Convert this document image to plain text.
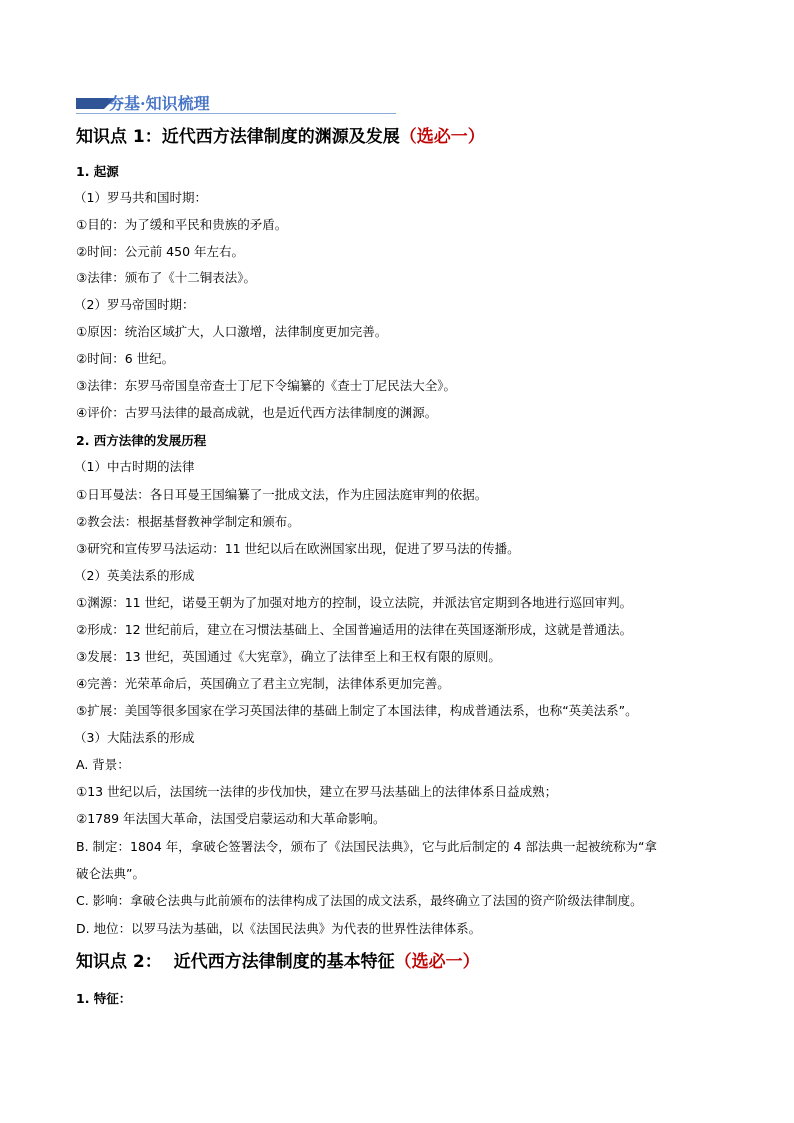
夯基·知识梳理
知识点 1：近代西方法律制度的渊源及发展（选必一）
1. 起源
（1）罗马共和国时期：
①目的：为了缓和平民和贵族的矛盾。
②时间：公元前 450 年左右。
③法律：颁布了《十二铜表法》。
（2）罗马帝国时期：
①原因：统治区域扩大，人口激增，法律制度更加完善。
②时间：6 世纪。
③法律：东罗马帝国皇帝查士丁尼下令编纂的《查士丁尼民法大全》。
④评价：古罗马法律的最高成就，也是近代西方法律制度的渊源。
2. 西方法律的发展历程
（1）中古时期的法律
①日耳曼法：各日耳曼王国编纂了一批成文法，作为庄园法庭审判的依据。
②教会法：根据基督教神学制定和颁布。
③研究和宣传罗马法运动：11 世纪以后在欧洲国家出现，促进了罗马法的传播。
（2）英美法系的形成
①渊源：11 世纪，诺曼王朝为了加强对地方的控制，设立法院，并派法官定期到各地进行巡回审判。
②形成：12 世纪前后，建立在习惯法基础上、全国普遍适用的法律在英国逐渐形成，这就是普通法。
③发展：13 世纪，英国通过《大宪章》，确立了法律至上和王权有限的原则。
④完善：光荣革命后，英国确立了君主立宪制，法律体系更加完善。
⑤扩展：美国等很多国家在学习英国法律的基础上制定了本国法律，构成普通法系，也称“英美法系”。
（3）大陆法系的形成
A. 背景：
①13 世纪以后，法国统一法律的步伐加快，建立在罗马法基础上的法律体系日益成熟；
②1789 年法国大革命，法国受启蒙运动和大革命影响。
B. 制定：1804 年，拿破仑签署法令，颁布了《法国民法典》，它与此后制定的 4 部法典一起被统称为“拿
破仑法典”。
C. 影响：拿破仑法典与此前颁布的法律构成了法国的成文法系，最终确立了法国的资产阶级法律制度。
D. 地位：以罗马法为基础，以《法国民法典》为代表的世界性法律体系。
知识点 2：  近代西方法律制度的基本特征（选必一）
1. 特征：
